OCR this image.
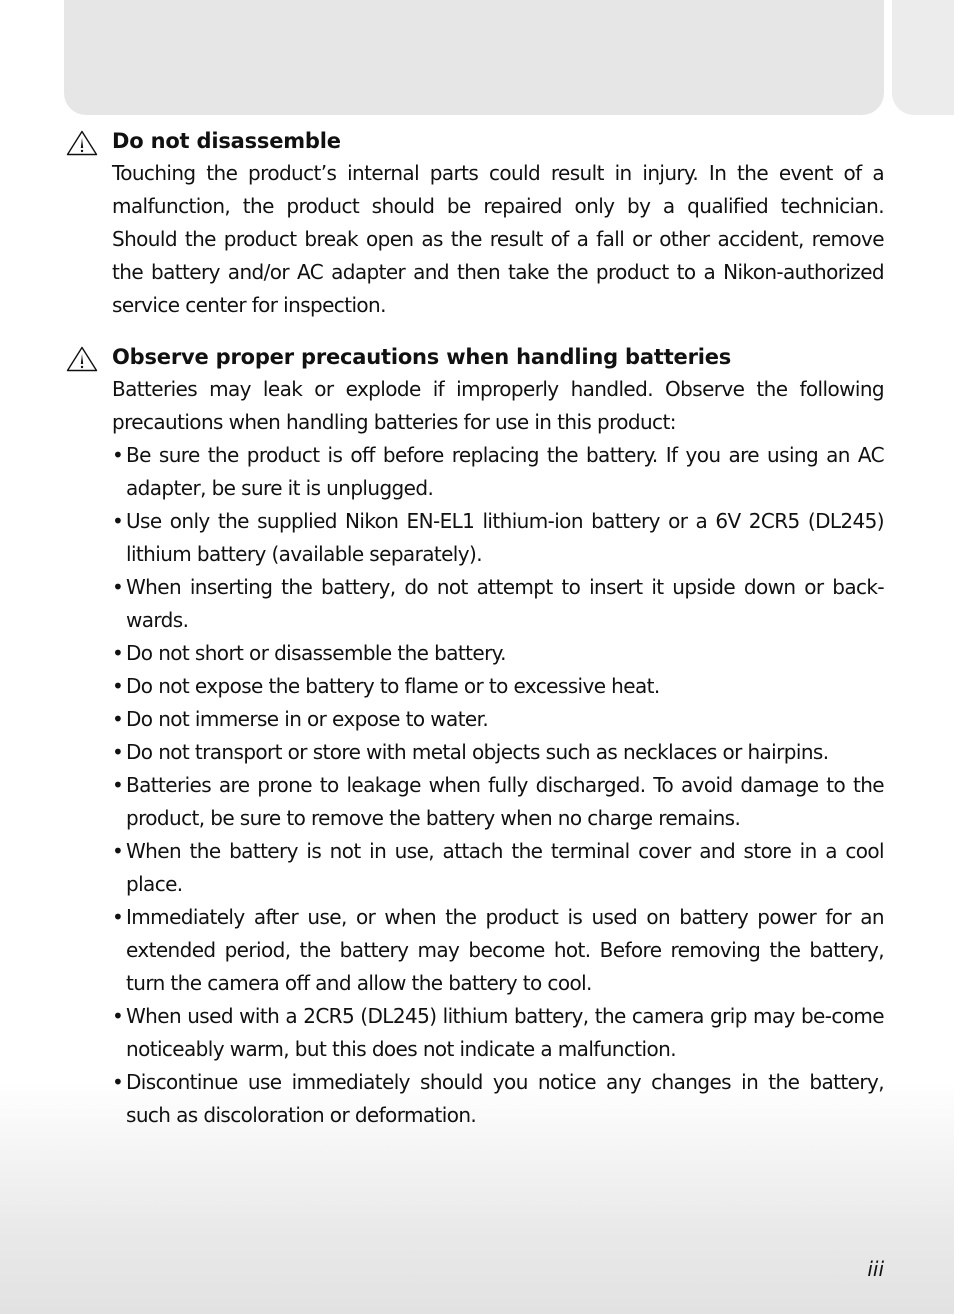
Do not disassemble

Touching the product’s internal parts could result in injury. In the event of a malfunction, the product should be repaired only by a qualified technician. Should the product break open as the result of a fall or other accident, remove the battery and/or AC adapter and then take the product to a Nikon-authorized service center for inspection.

Observe proper precautions when handling batteries

Batteries may leak or explode if improperly handled. Observe the following precautions when handling batteries for use in this product:

• Be sure the product is off before replacing the battery. If you are using an AC adapter, be sure it is unplugged.
• Use only the supplied Nikon EN-EL1 lithium-ion battery or a 6V 2CR5 (DL245) lithium battery (available separately).
• When inserting the battery, do not attempt to insert it upside down or back-wards.
• Do not short or disassemble the battery.
• Do not expose the battery to flame or to excessive heat.
• Do not immerse in or expose to water.
• Do not transport or store with metal objects such as necklaces or hairpins.
• Batteries are prone to leakage when fully discharged. To avoid damage to the product, be sure to remove the battery when no charge remains.
• When the battery is not in use, attach the terminal cover and store in a cool place.
• Immediately after use, or when the product is used on battery power for an extended period, the battery may become hot. Before removing the battery, turn the camera off and allow the battery to cool.
• When used with a 2CR5 (DL245) lithium battery, the camera grip may be-come noticeably warm, but this does not indicate a malfunction.
• Discontinue use immediately should you notice any changes in the battery, such as discoloration or deformation.
iii
